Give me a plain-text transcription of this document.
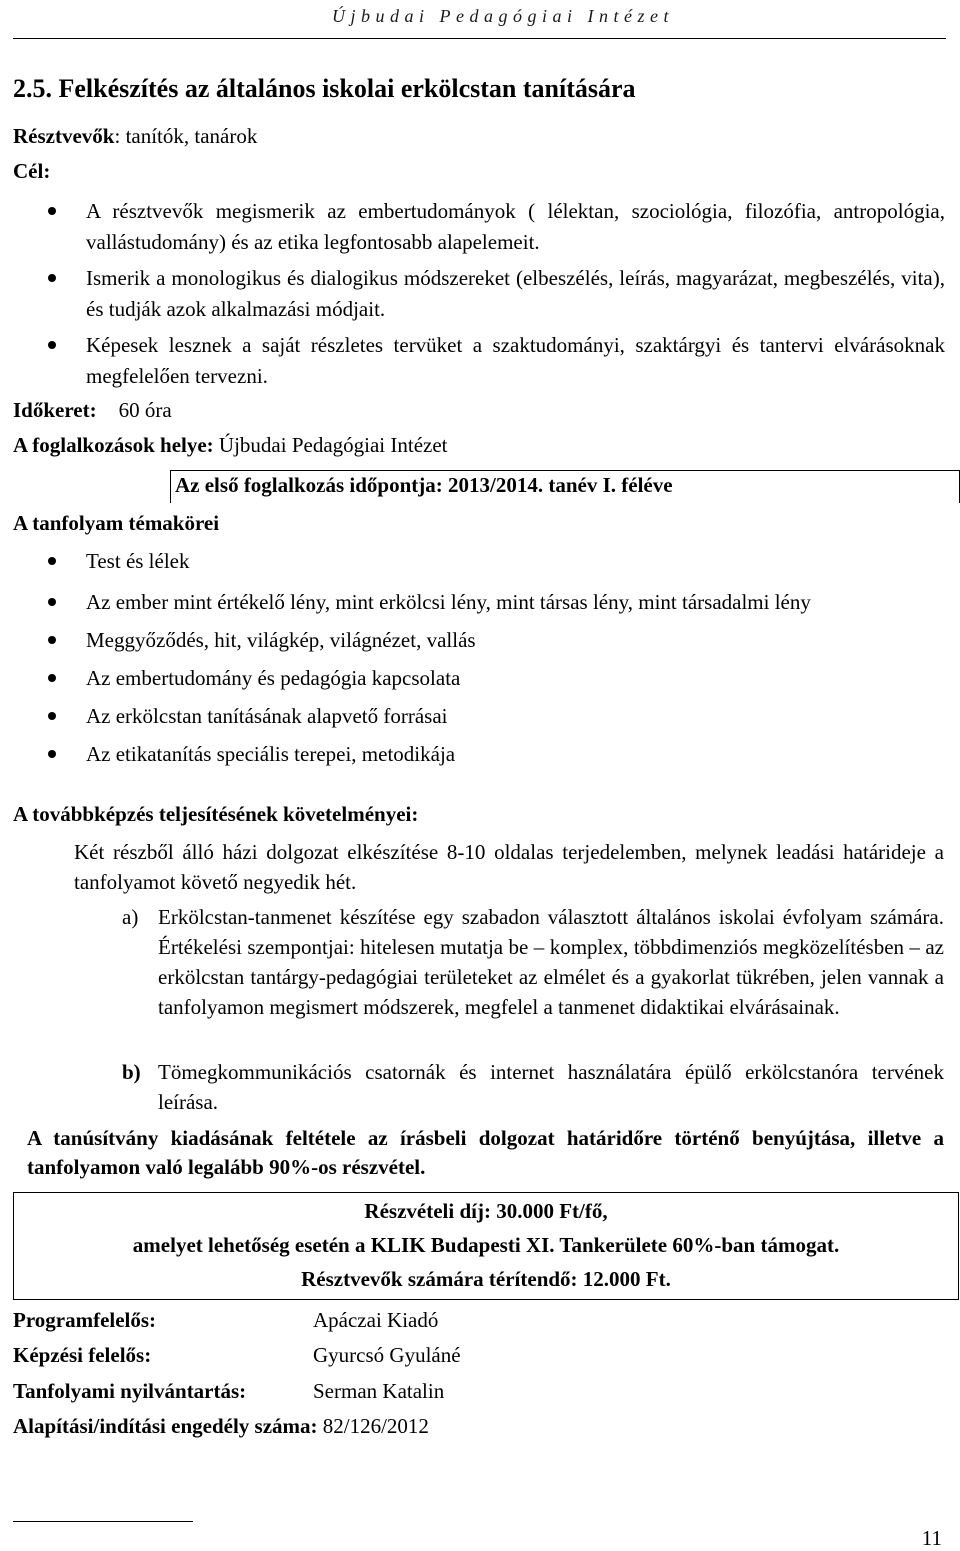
Újbudai Pedagógiai Intézet
2.5. Felkészítés az általános iskolai erkölcstan tanítására
Résztvevők: tanítók, tanárok
Cél:
A résztvevők megismerik az embertudományok ( lélektan, szociológia, filozófia, antropológia, vallástudomány) és az etika legfontosabb alapelemeit.
Ismerik a monologikus és dialogikus módszereket (elbeszélés, leírás, magyarázat, megbeszélés, vita), és tudják azok alkalmazási módjait.
Képesek lesznek a saját részletes tervüket a szaktudományi, szaktárgyi és tantervi elvárásoknak megfelelően tervezni.
Időkeret: 60 óra
A foglalkozások helye: Újbudai Pedagógiai Intézet
Az első foglalkozás időpontja: 2013/2014. tanév I. féléve
A tanfolyam témakörei
Test és lélek
Az ember mint értékelő lény, mint erkölcsi lény, mint társas lény, mint társadalmi lény
Meggyőződés, hit, világkép, világnézet, vallás
Az embertudomány és pedagógia kapcsolata
Az erkölcstan tanításának alapvető forrásai
Az etikatanítás speciális terepei, metodikája
A továbbképzés teljesítésének követelményei:
Két részből álló házi dolgozat elkészítése 8-10 oldalas terjedelemben, melynek leadási határideje a tanfolyamot követő negyedik hét.
a) Erkölcstan-tanmenet készítése egy szabadon választott általános iskolai évfolyam számára. Értékelési szempontjai: hitelesen mutatja be – komplex, többdimenziós megközelítésben – az erkölcstan tantárgy-pedagógiai területeket az elmélet és a gyakorlat tükrében, jelen vannak a tanfolyamon megismert módszerek, megfelel a tanmenet didaktikai elvárásainak.
b) Tömegkommunikációs csatornák és internet használatára épülő erkölcstanóra tervének leírása.
A tanúsítvány kiadásának feltétele az írásbeli dolgozat határidőre történő benyújtása, illetve a tanfolyamon való legalább 90%-os részvétel.
Részvételi díj: 30.000 Ft/fő,
amelyet lehetőség esetén a KLIK Budapesti XI. Tankerülete 60%-ban támogat.
Résztvevők számára térítendő: 12.000 Ft.
Programfelelős:	Apáczai Kiadó
Képzési felelős:	Gyurcsó Gyuláné
Tanfolyami nyilvántartás:	Serman Katalin
Alapítási/indítási engedély száma: 82/126/2012
11
